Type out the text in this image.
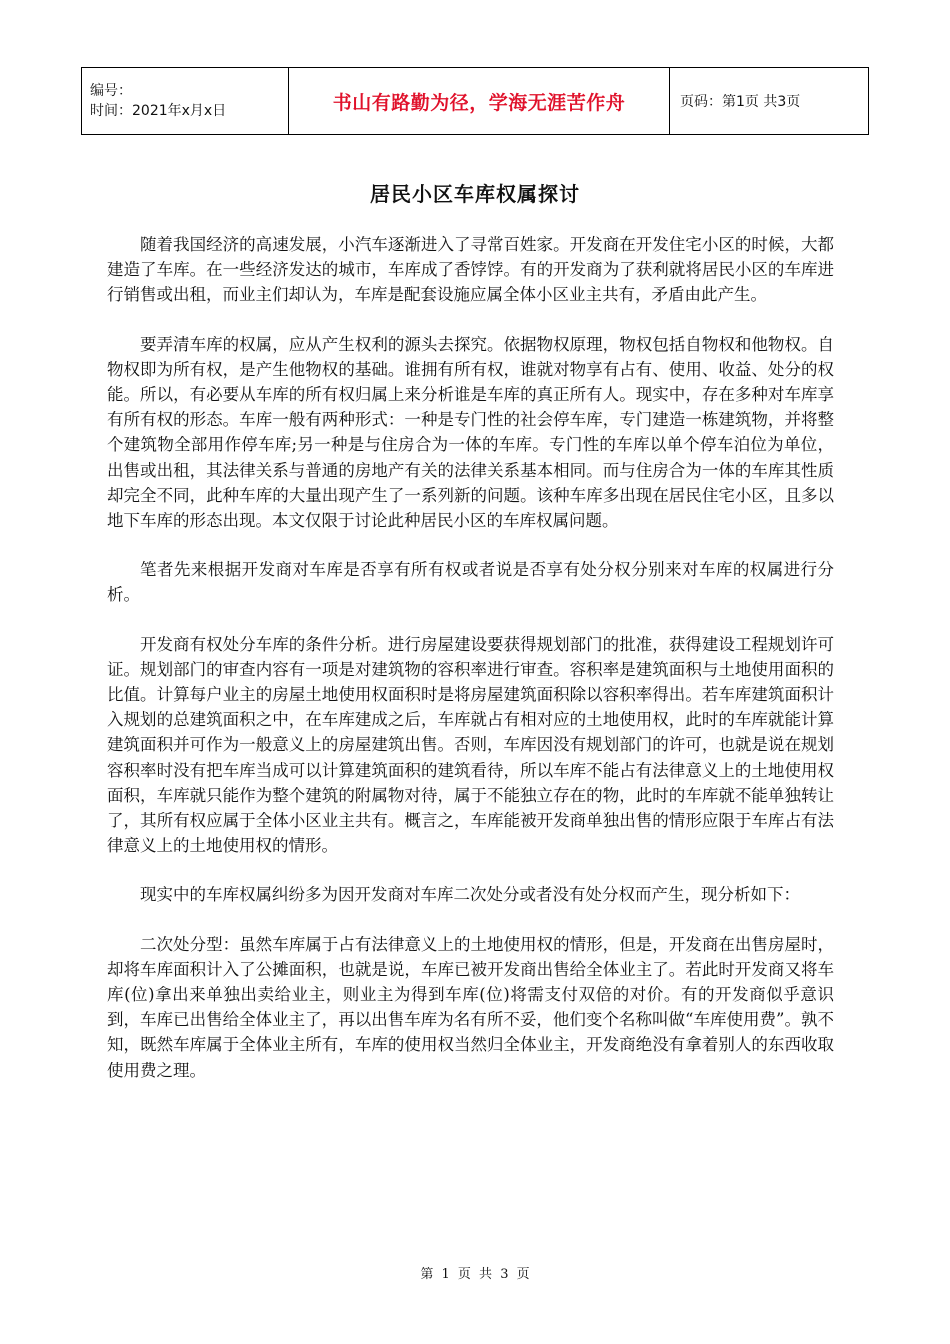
编号：
时间：2021年x月x日	书山有路勤为径，学海无涯苦作舟	页码：第1页 共3页
居民小区车库权属探讨

随着我国经济的高速发展，小汽车逐渐进入了寻常百姓家。开发商在开发住宅小区的时候，大都建造了车库。在一些经济发达的城市，车库成了香饽饽。有的开发商为了获利就将居民小区的车库进行销售或出租，而业主们却认为，车库是配套设施应属全体小区业主共有，矛盾由此产生。

要弄清车库的权属，应从产生权利的源头去探究。依据物权原理，物权包括自物权和他物权。自物权即为所有权，是产生他物权的基础。谁拥有所有权，谁就对物享有占有、使用、收益、处分的权能。所以，有必要从车库的所有权归属上来分析谁是车库的真正所有人。现实中，存在多种对车库享有所有权的形态。车库一般有两种形式：一种是专门性的社会停车库，专门建造一栋建筑物，并将整个建筑物全部用作停车库;另一种是与住房合为一体的车库。专门性的车库以单个停车泊位为单位，出售或出租，其法律关系与普通的房地产有关的法律关系基本相同。而与住房合为一体的车库其性质却完全不同，此种车库的大量出现产生了一系列新的问题。该种车库多出现在居民住宅小区，且多以地下车库的形态出现。本文仅限于讨论此种居民小区的车库权属问题。

笔者先来根据开发商对车库是否享有所有权或者说是否享有处分权分别来对车库的权属进行分析。

开发商有权处分车库的条件分析。进行房屋建设要获得规划部门的批准，获得建设工程规划许可证。规划部门的审查内容有一项是对建筑物的容积率进行审查。容积率是建筑面积与土地使用面积的比值。计算每户业主的房屋土地使用权面积时是将房屋建筑面积除以容积率得出。若车库建筑面积计入规划的总建筑面积之中，在车库建成之后，车库就占有相对应的土地使用权，此时的车库就能计算建筑面积并可作为一般意义上的房屋建筑出售。否则，车库因没有规划部门的许可，也就是说在规划容积率时没有把车库当成可以计算建筑面积的建筑看待，所以车库不能占有法律意义上的土地使用权面积，车库就只能作为整个建筑的附属物对待，属于不能独立存在的物，此时的车库就不能单独转让了，其所有权应属于全体小区业主共有。概言之，车库能被开发商单独出售的情形应限于车库占有法律意义上的土地使用权的情形。

现实中的车库权属纠纷多为因开发商对车库二次处分或者没有处分权而产生，现分析如下：

二次处分型：虽然车库属于占有法律意义上的土地使用权的情形，但是，开发商在出售房屋时，却将车库面积计入了公摊面积，也就是说，车库已被开发商出售给全体业主了。若此时开发商又将车库(位)拿出来单独出卖给业主，则业主为得到车库(位)将需支付双倍的对价。有的开发商似乎意识到，车库已出售给全体业主了，再以出售车库为名有所不妥，他们变个名称叫做“车库使用费”。孰不知，既然车库属于全体业主所有，车库的使用权当然归全体业主，开发商绝没有拿着别人的东西收取使用费之理。

第 1 页 共 3 页
